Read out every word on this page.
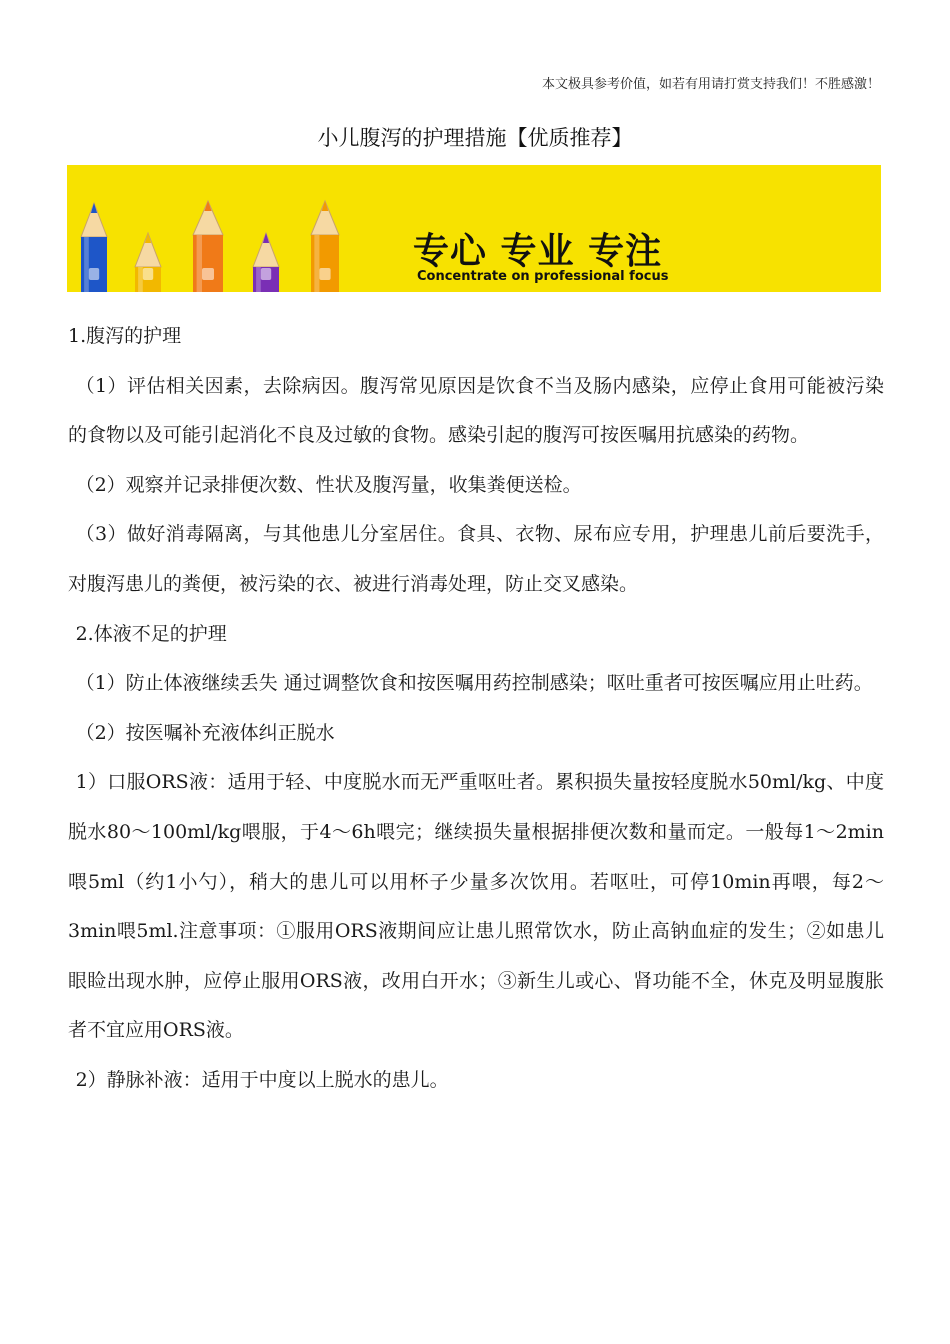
本文极具参考价值，如若有用请打赏支持我们！不胜感激！
小儿腹泻的护理措施【优质推荐】
专心 专业 专注
Concentrate on professional focus

1.腹泻的护理

（1）评估相关因素，去除病因。腹泻常见原因是饮食不当及肠内感染，应停止食用可能被污染的食物以及可能引起消化不良及过敏的食物。感染引起的腹泻可按医嘱用抗感染的药物。

（2）观察并记录排便次数、性状及腹泻量，收集粪便送检。

（3）做好消毒隔离，与其他患儿分室居住。食具、衣物、尿布应专用，护理患儿前后要洗手，对腹泻患儿的粪便，被污染的衣、被进行消毒处理，防止交叉感染。

2.体液不足的护理

（1）防止体液继续丢失 通过调整饮食和按医嘱用药控制感染；呕吐重者可按医嘱应用止吐药。

（2）按医嘱补充液体纠正脱水

1）口服ORS液：适用于轻、中度脱水而无严重呕吐者。累积损失量按轻度脱水50ml/kg、中度脱水80～100ml/kg喂服，于4～6h喂完；继续损失量根据排便次数和量而定。一般每1～2min喂5ml（约1小勺），稍大的患儿可以用杯子少量多次饮用。若呕吐，可停10min再喂，每2～3min喂5ml.注意事项：①服用ORS液期间应让患儿照常饮水，防止高钠血症的发生；②如患儿眼睑出现水肿，应停止服用ORS液，改用白开水；③新生儿或心、肾功能不全，休克及明显腹胀者不宜应用ORS液。

2）静脉补液：适用于中度以上脱水的患儿。
